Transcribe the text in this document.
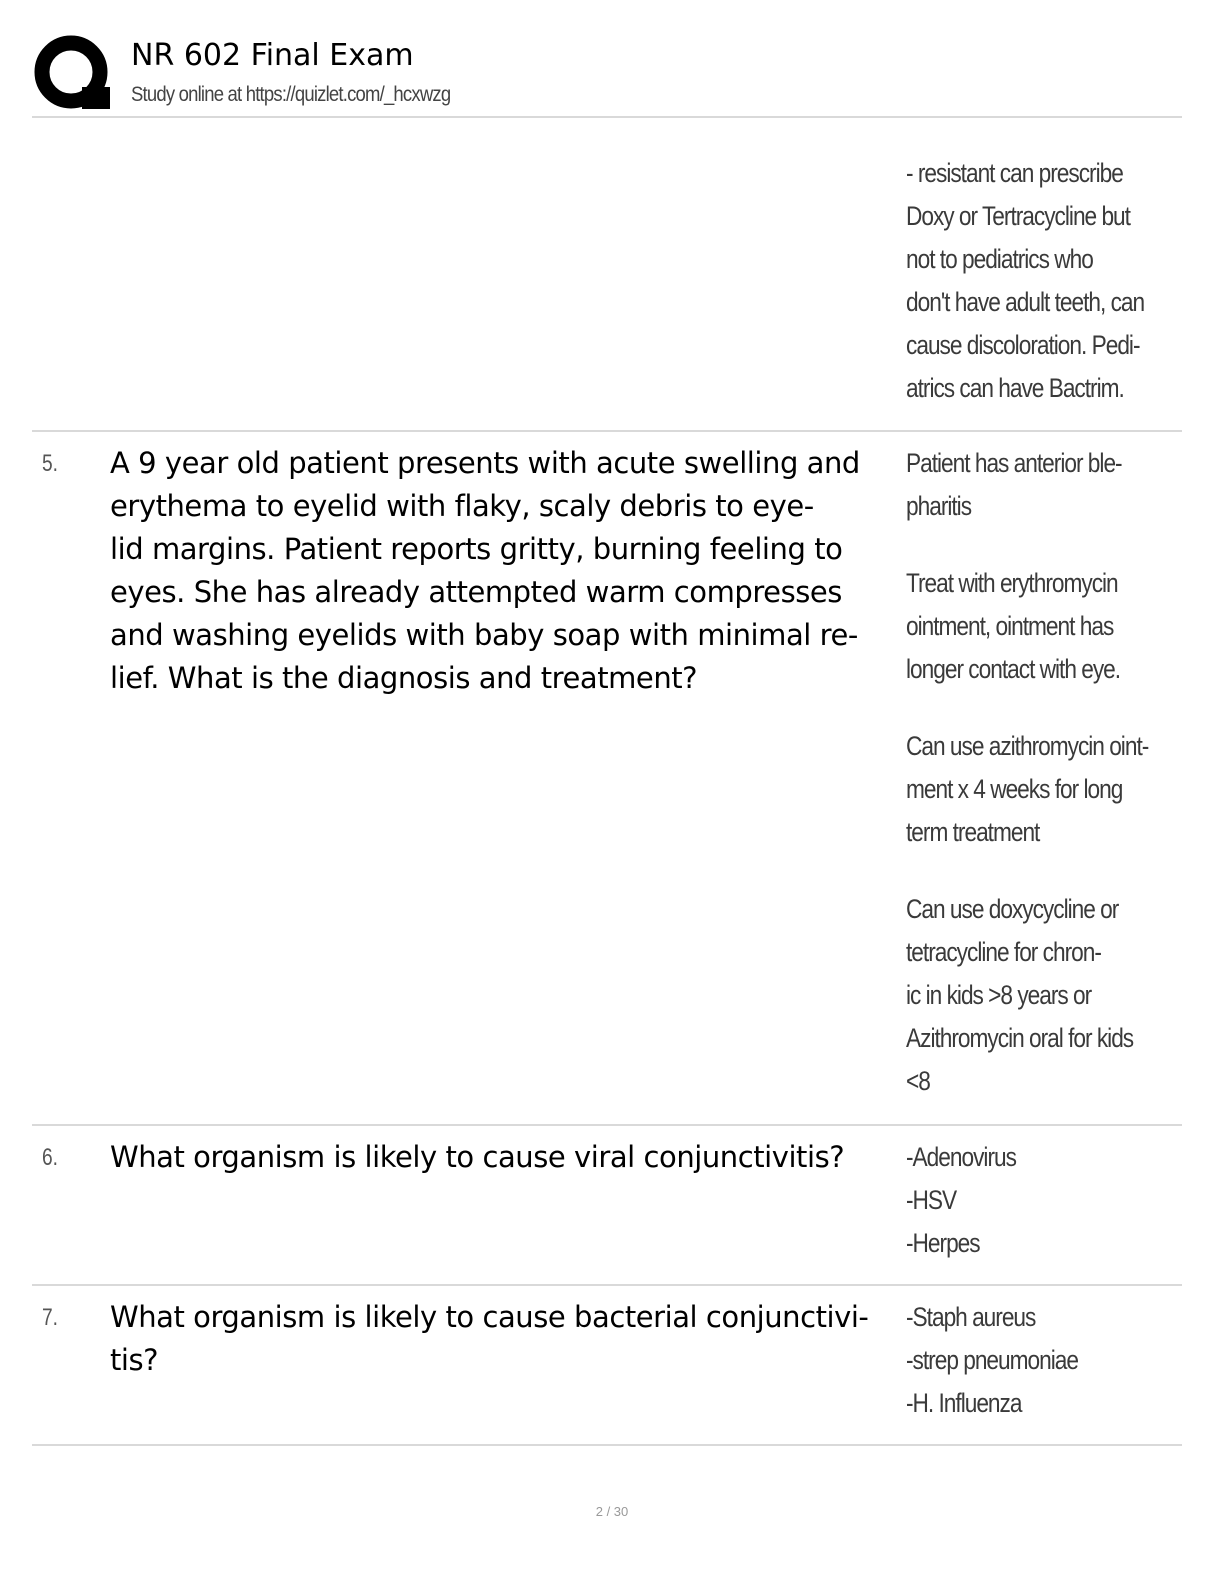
NR 602 Final Exam
Study online at https://quizlet.com/_hcxwzg
- resistant can prescribe
Doxy or Tertracycline but
not to pediatrics who
don't have adult teeth, can
cause discoloration. Pedi-
atrics can have Bactrim.
5. A 9 year old patient presents with acute swelling and
erythema to eyelid with flaky, scaly debris to eye-
lid margins. Patient reports gritty, burning feeling to
eyes. She has already attempted warm compresses
and washing eyelids with baby soap with minimal re-
lief. What is the diagnosis and treatment?
Patient has anterior ble-
pharitis
Treat with erythromycin
ointment, ointment has
longer contact with eye.
Can use azithromycin oint-
ment x 4 weeks for long
term treatment
Can use doxycycline or
tetracycline for chron-
ic in kids >8 years or
Azithromycin oral for kids
<8
6. What organism is likely to cause viral conjunctivitis?	-Adenovirus
-HSV
-Herpes
7. What organism is likely to cause bacterial conjunctivi-
tis?
-Staph aureus
-strep pneumoniae
-H. Influenza
2 / 30
